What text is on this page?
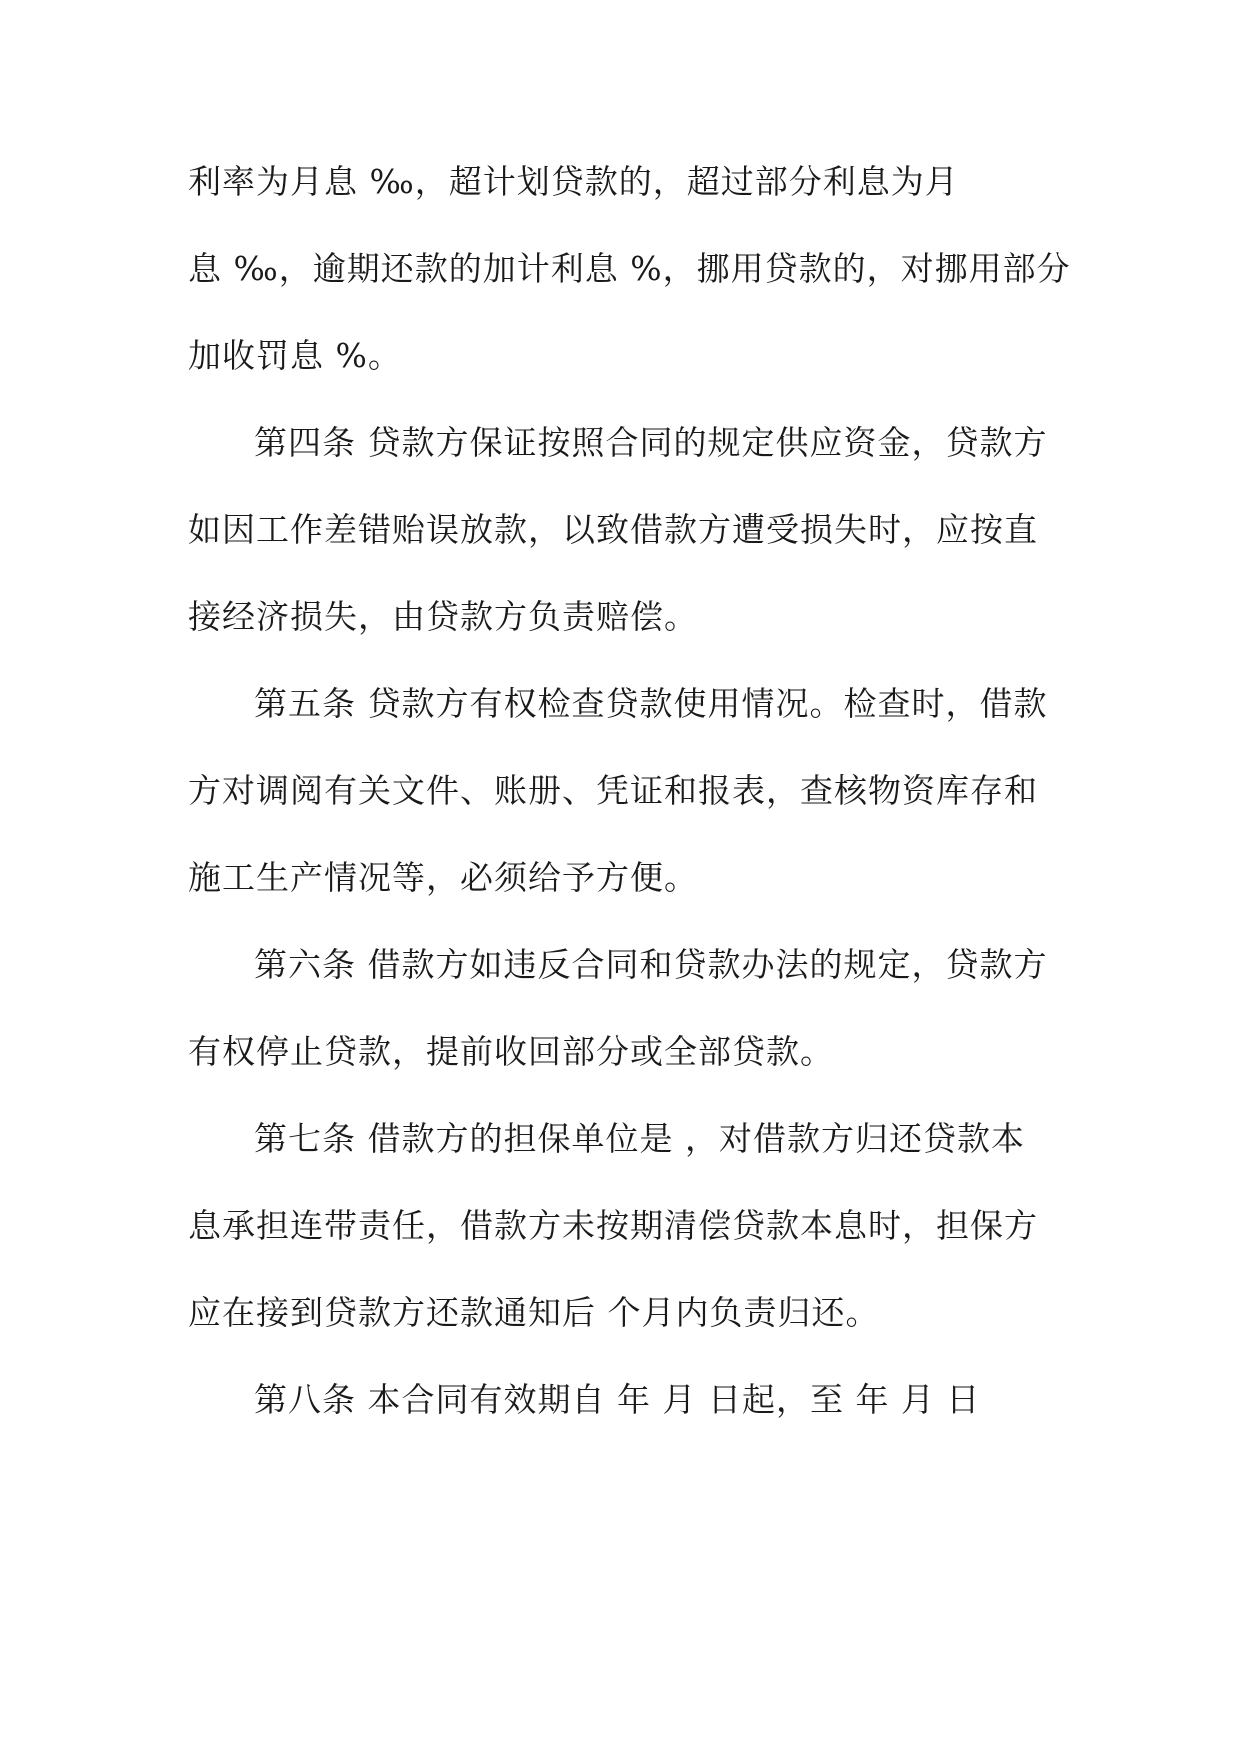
利率为月息 ‰，超计划贷款的，超过部分利息为月

息 ‰，逾期还款的加计利息 %，挪用贷款的，对挪用部分

加收罚息 %。

第四条 贷款方保证按照合同的规定供应资金，贷款方

如因工作差错贻误放款，以致借款方遭受损失时，应按直

接经济损失，由贷款方负责赔偿。

第五条 贷款方有权检查贷款使用情况。检查时，借款

方对调阅有关文件、账册、凭证和报表，查核物资库存和

施工生产情况等，必须给予方便。

第六条 借款方如违反合同和贷款办法的规定，贷款方

有权停止贷款，提前收回部分或全部贷款。

第七条 借款方的担保单位是 ，对借款方归还贷款本

息承担连带责任，借款方未按期清偿贷款本息时，担保方

应在接到贷款方还款通知后 个月内负责归还。

第八条 本合同有效期自 年 月 日起，至 年 月 日
